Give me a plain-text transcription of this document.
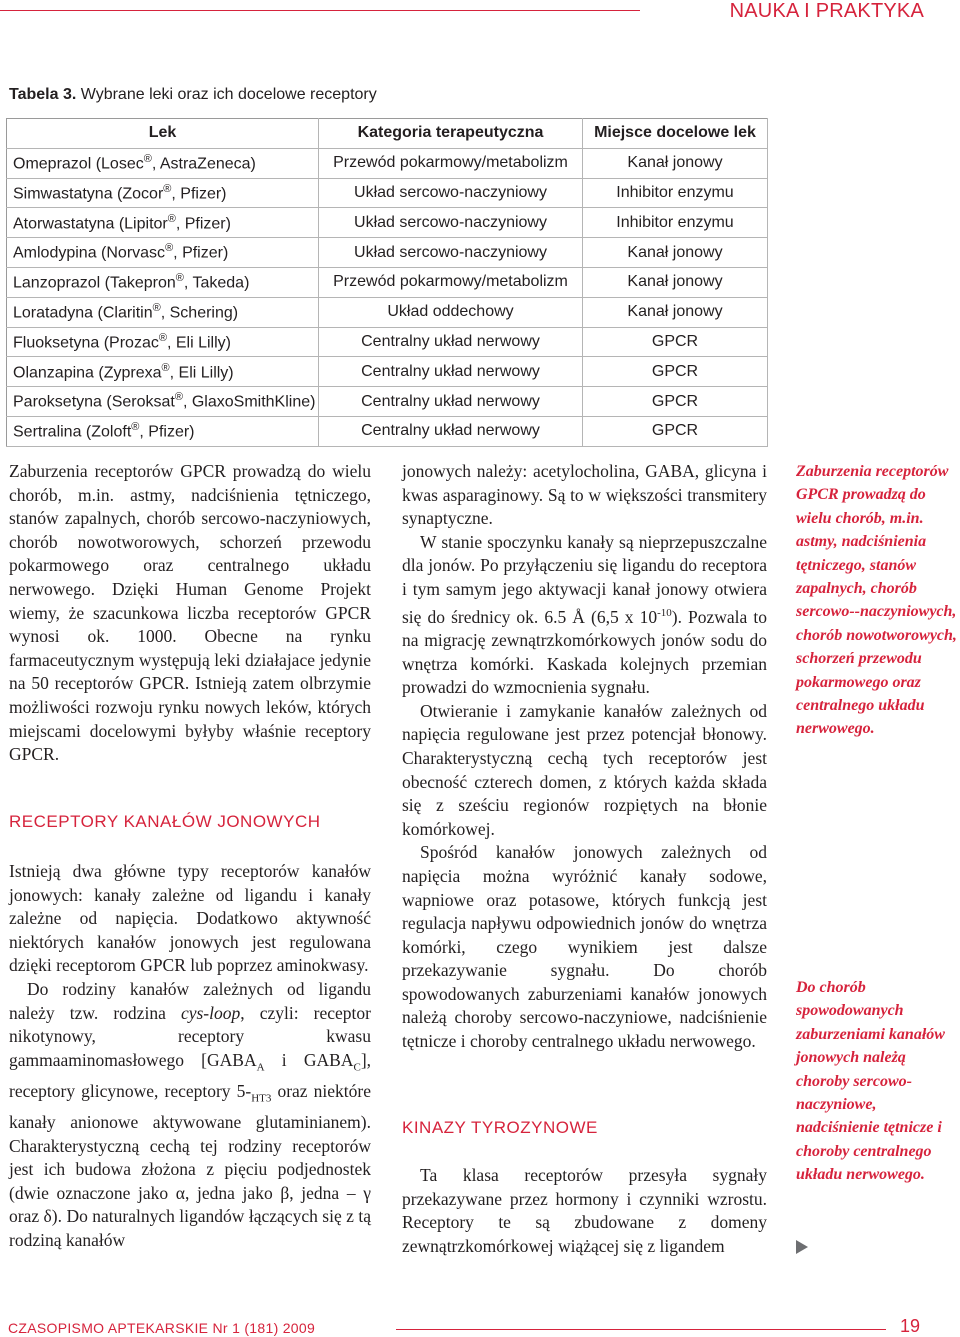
NAUKA I PRAKTYKA
Tabela 3. Wybrane leki oraz ich docelowe receptory
Lek	Kategoria terapeutyczna	Miejsce docelowe lek
Omeprazol (Losec®, AstraZeneca)	Przewód pokarmowy/metabolizm	Kanał jonowy
Simwastatyna (Zocor®, Pfizer)	Układ sercowo-naczyniowy	Inhibitor enzymu
Atorwastatyna (Lipitor®, Pfizer)	Układ sercowo-naczyniowy	Inhibitor enzymu
Amlodypina (Norvasc®, Pfizer)	Układ sercowo-naczyniowy	Kanał jonowy
Lanzoprazol (Takepron®, Takeda)	Przewód pokarmowy/metabolizm	Kanał jonowy
Loratadyna (Claritin®, Schering)	Układ oddechowy	Kanał jonowy
Fluoksetyna (Prozac®, Eli Lilly)	Centralny układ nerwowy	GPCR
Olanzapina (Zyprexa®, Eli Lilly)	Centralny układ nerwowy	GPCR
Paroksetyna (Seroksat®, GlaxoSmithKline)	Centralny układ nerwowy	GPCR
Sertralina (Zoloft®, Pfizer)	Centralny układ nerwowy	GPCR

Zaburzenia receptorów GPCR prowadzą do wielu chorób, m.in. astmy, nadciśnienia tętniczego, stanów zapalnych, chorób sercowo-naczyniowych, chorób nowotworowych, schorzeń przewodu pokarmowego oraz centralnego układu nerwowego. Dzięki Human Genome Projekt wiemy, że szacunkowa liczba receptorów GPCR wynosi ok. 1000. Obecne na rynku farmaceutycznym występują leki działajace jedynie na 50 receptorów GPCR. Istnieją zatem olbrzymie możliwości rozwoju rynku nowych leków, których miejscami docelowymi byłyby właśnie receptory GPCR.

RECEPTORY KANAŁÓW JONOWYCH

Istnieją dwa główne typy receptorów kanałów jonowych: kanały zależne od ligandu i kanały zależne od napięcia. Dodatkowo aktywność niektórych kanałów jonowych jest regulowana dzięki receptorom GPCR lub poprzez aminokwasy.

Do rodziny kanałów zależnych od ligandu należy tzw. rodzina cys-loop, czyli: receptor nikotynowy, receptory kwasu gammaaminomasłowego [$GABA_A$ i $GABA_C$], receptory glicynowe, receptory $5-_{HT3}$ oraz niektóre kanały anionowe aktywowane glutaminianem). Charakterystyczną cechą tej rodziny receptorów jest ich budowa złożona z pięciu podjednostek (dwie oznaczone jako α, jedna jako β, jedna – γ oraz δ). Do naturalnych ligandów łączących się z tą rodziną kanałów

jonowych należy: acetylocholina, GABA, glicyna i kwas asparaginowy. Są to w większości transmitery synaptyczne.

W stanie spoczynku kanały są nieprzepuszczalne dla jonów. Po przyłączeniu się ligandu do receptora i tym samym jego aktywacji kanał jonowy otwiera się do średnicy ok. 6.5 Å (6,5 x $10^{-10}$). Pozwala to na migrację zewnątrzkomórkowych jonów sodu do wnętrza komórki. Kaskada kolejnych przemian prowadzi do wzmocnienia sygnału.

Otwieranie i zamykanie kanałów zależnych od napięcia regulowane jest przez potencjał błonowy. Charakterystyczną cechą tych receptorów jest obecność czterech domen, z których każda składa się z sześciu regionów rozpiętych na błonie komórkowej.

Spośród kanałów jonowych zależnych od napięcia można wyróżnić kanały sodowe, wapniowe oraz potasowe, których funkcją jest regulacja napływu odpowiednich jonów do wnętrza komórki, czego wynikiem jest dalsze przekazywanie sygnału. Do chorób spowodowanych zaburzeniami kanałów jonowych należą choroby sercowo-naczyniowe, nadciśnienie tętnicze i choroby centralnego układu nerwowego.

KINAZY TYROZYNOWE

Ta klasa receptorów przesyła sygnały przekazywane przez hormony i czynniki wzrostu. Receptory te są zbudowane z domeny zewnątrzkomórkowej wiążącej się z ligandem

Zaburzenia receptorów GPCR prowadzą do wielu chorób, m.in. astmy, nadciśnienia tętniczego, stanów zapalnych, chorób sercowo--naczyniowych, chorób nowotworowych, schorzeń przewodu pokarmowego oraz centralnego układu nerwowego.
Do chorób spowodowanych zaburzeniami kanałów jonowych należą choroby sercowo-naczyniowe, nadciśnienie tętnicze i choroby centralnego układu nerwowego.
CZASOPISMO APTEKARSKIE Nr 1 (181) 2009	19
